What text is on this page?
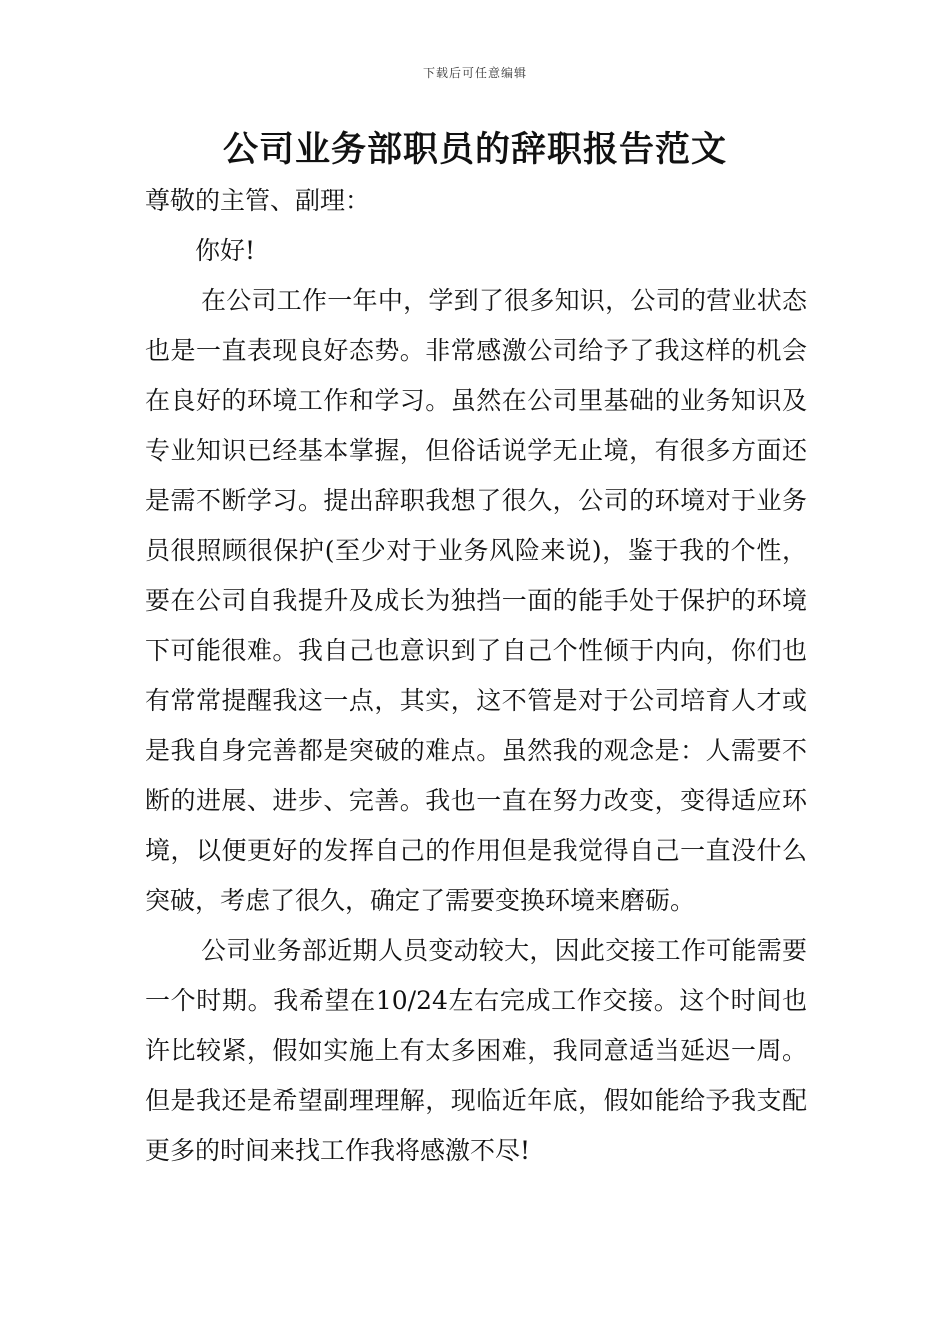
下载后可任意编辑
公司业务部职员的辞职报告范文

尊敬的主管、副理：

你好!

在公司工作一年中，学到了很多知识，公司的营业状态也是一直表现良好态势。非常感激公司给予了我这样的机会在良好的环境工作和学习。虽然在公司里基础的业务知识及专业知识已经基本掌握，但俗话说学无止境，有很多方面还是需不断学习。提出辞职我想了很久，公司的环境对于业务员很照顾很保护(至少对于业务风险来说)，鉴于我的个性，要在公司自我提升及成长为独挡一面的能手处于保护的环境下可能很难。我自己也意识到了自己个性倾于内向，你们也有常常提醒我这一点，其实，这不管是对于公司培育人才或是我自身完善都是突破的难点。虽然我的观念是：人需要不断的进展、进步、完善。我也一直在努力改变，变得适应环境，以便更好的发挥自己的作用但是我觉得自己一直没什么突破，考虑了很久，确定了需要变换环境来磨砺。

公司业务部近期人员变动较大，因此交接工作可能需要一个时期。我希望在10/24左右完成工作交接。这个时间也许比较紧，假如实施上有太多困难，我同意适当延迟一周。但是我还是希望副理理解，现临近年底，假如能给予我支配更多的时间来找工作我将感激不尽!
